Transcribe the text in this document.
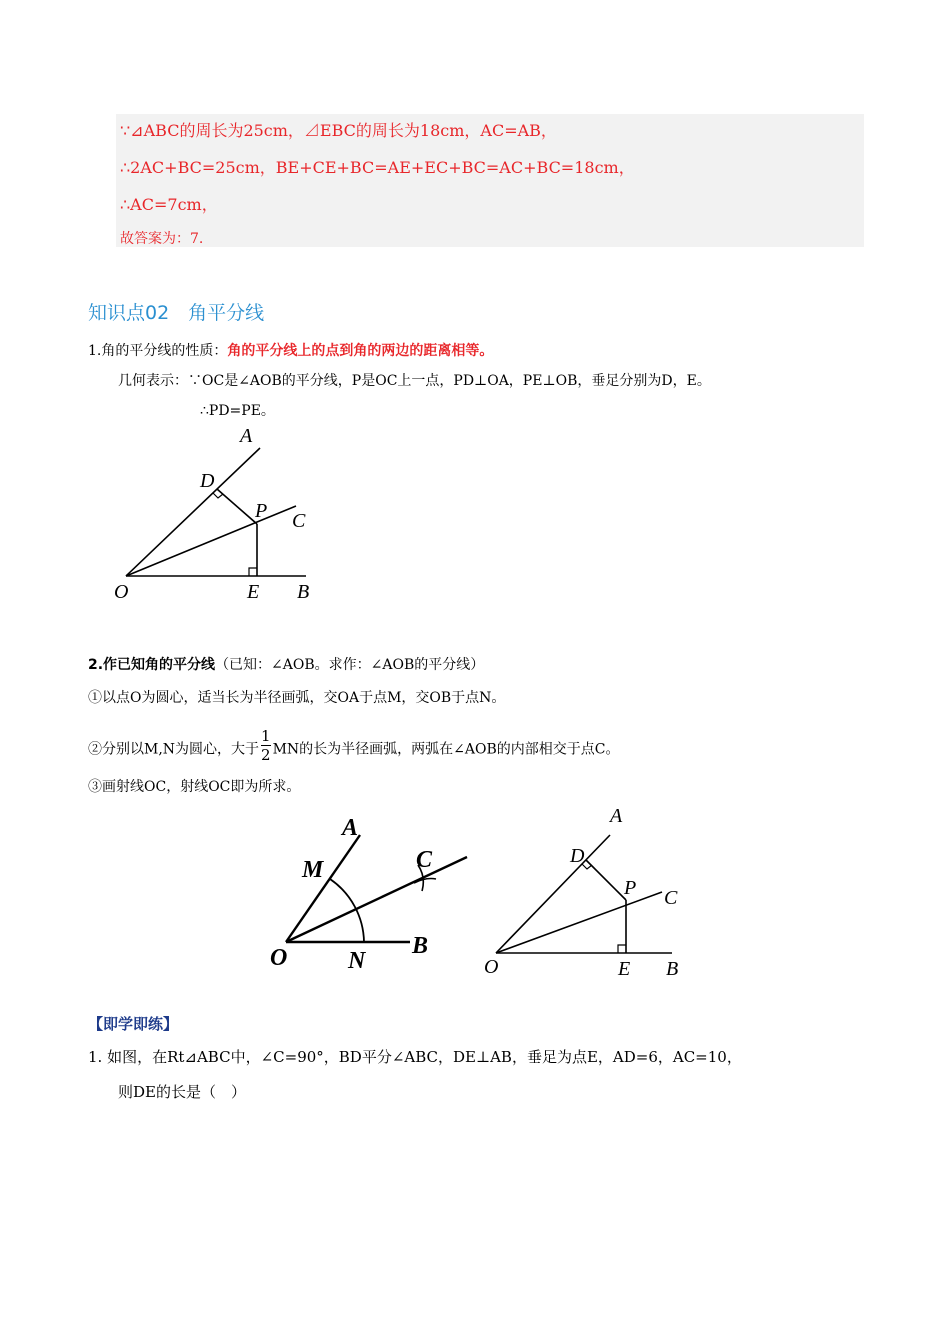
∵⊿ABC的周长为25cm，⊿EBC的周长为18cm，AC=AB，
∴2AC+BC=25cm，BE+CE+BC=AE+EC+BC=AC+BC=18cm，
∴AC=7cm，
故答案为：7.
知识点02　角平分线
1.角的平分线的性质：角的平分线上的点到角的两边的距离相等。
几何表示：∵OC是∠AOB的平分线，P是OC上一点，PD⊥OA，PE⊥OB，垂足分别为D，E。
∴PD=PE。
A
D
P C
O	E B
2.作已知角的平分线（已知：∠AOB。求作：∠AOB的平分线）
①以点O为圆心，适当长为半径画弧，交OA于点M，交OB于点N。
②分别以M,N为圆心，大于 $\frac{1}{2}$ MN的长为半径画弧，两弧在∠AOB的内部相交于点C。
③画射线OC，射线OC即为所求。
A
M	C
O	N
B
A
D
P C
O	E B
【即学即练】
1. 如图，在Rt⊿ABC中，∠C=90°，BD平分∠ABC，DE⊥AB，垂足为点E，AD=6，AC=10，
则DE的长是（　）
